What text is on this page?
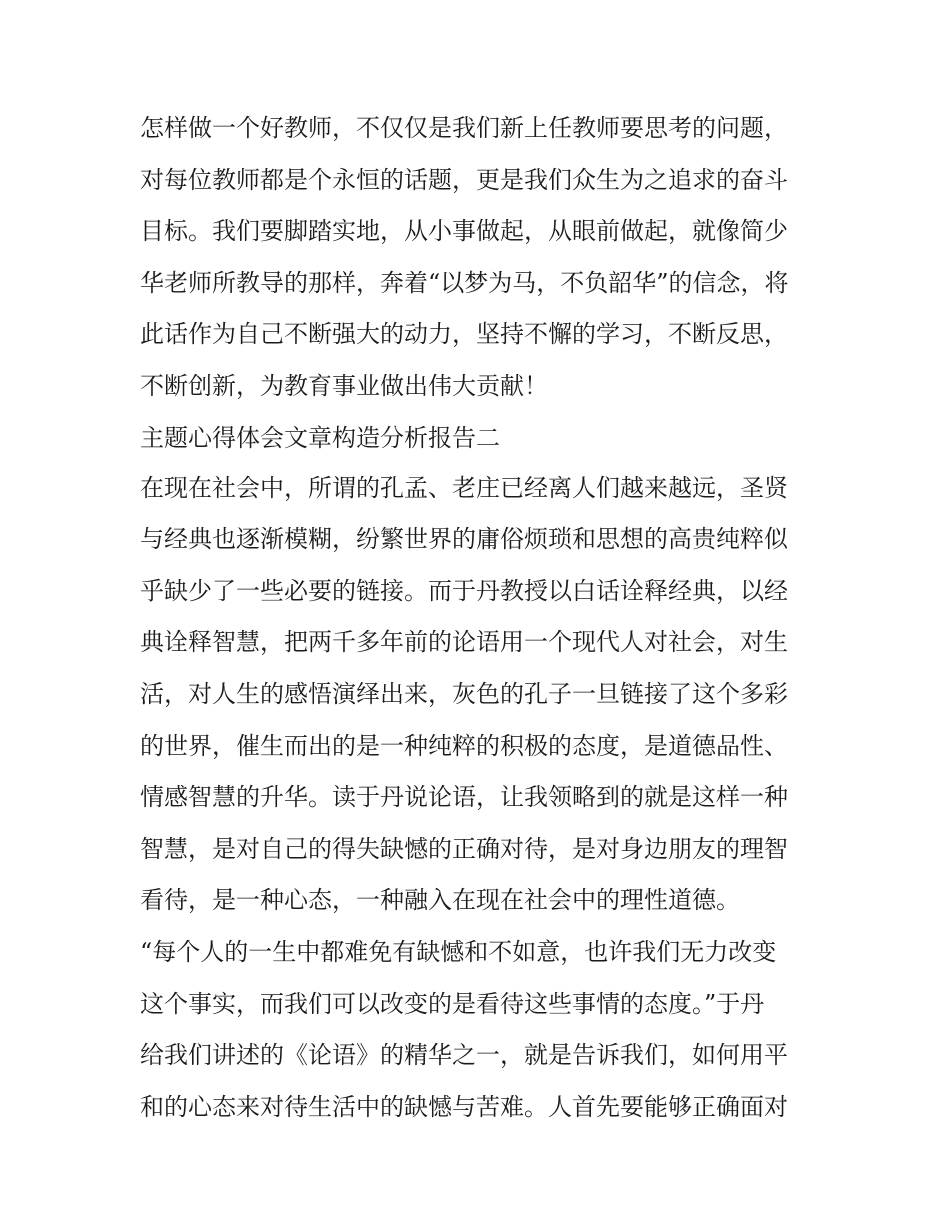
怎样做一个好教师，不仅仅是我们新上任教师要思考的问题，
对每位教师都是个永恒的话题，更是我们众生为之追求的奋斗
目标。我们要脚踏实地，从小事做起，从眼前做起，就像简少
华老师所教导的那样，奔着“以梦为马，不负韶华”的信念，将
此话作为自己不断强大的动力，坚持不懈的学习，不断反思，
不断创新，为教育事业做出伟大贡献！
主题心得体会文章构造分析报告二
在现在社会中，所谓的孔孟、老庄已经离人们越来越远，圣贤
与经典也逐渐模糊，纷繁世界的庸俗烦琐和思想的高贵纯粹似
乎缺少了一些必要的链接。而于丹教授以白话诠释经典，以经
典诠释智慧，把两千多年前的论语用一个现代人对社会，对生
活，对人生的感悟演绎出来，灰色的孔子一旦链接了这个多彩
的世界，催生而出的是一种纯粹的积极的态度，是道德品性、
情感智慧的升华。读于丹说论语，让我领略到的就是这样一种
智慧，是对自己的得失缺憾的正确对待，是对身边朋友的理智
看待，是一种心态，一种融入在现在社会中的理性道德。
“每个人的一生中都难免有缺憾和不如意，也许我们无力改变
这个事实，而我们可以改变的是看待这些事情的态度。”于丹
给我们讲述的《论语》的精华之一，就是告诉我们，如何用平
和的心态来对待生活中的缺憾与苦难。人首先要能够正确面对
